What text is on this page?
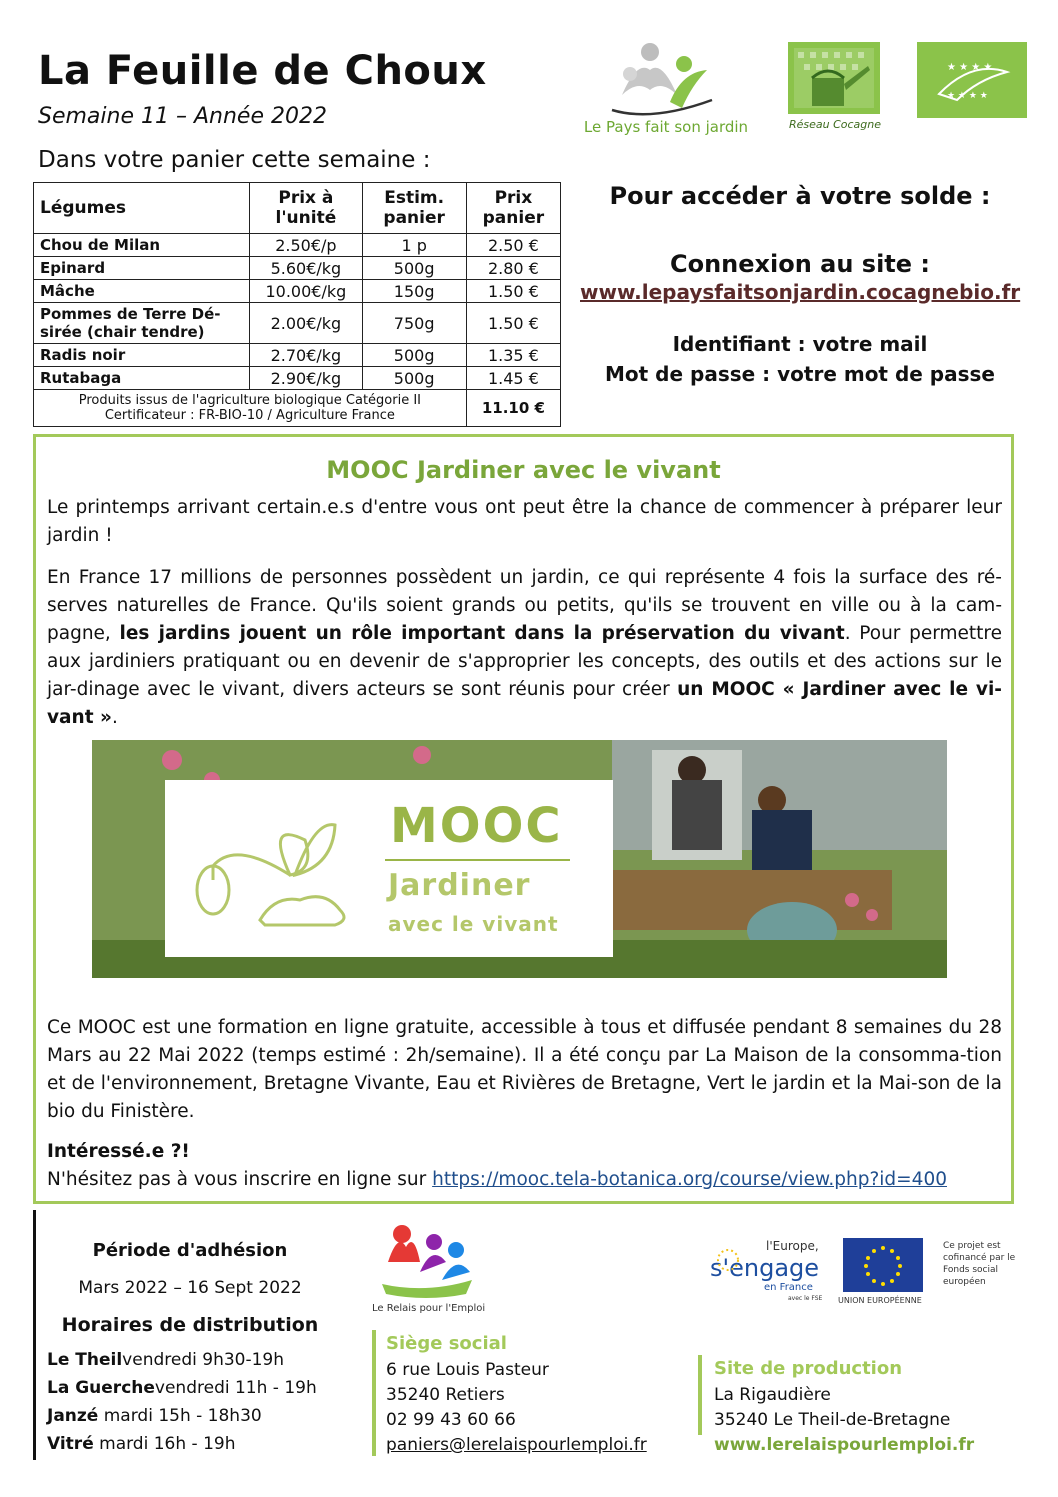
La Feuille de Choux
Semaine 11 – Année 2022
Dans votre panier cette semaine :
Le Pays fait son jardin	Réseau Cocagne
★ ★ ★ ★
★ ★ ★ ★
Légumes	Prix à l'unité	Estim. panier	Prix panier
Chou de Milan	2.50€/p	1 p	2.50 €
Epinard	5.60€/kg	500g	2.80 €
Mâche	10.00€/kg	150g	1.50 €
Pommes de Terre Dé-sirée (chair tendre)	2.00€/kg	750g	1.50 €
Radis noir	2.70€/kg	500g	1.35 €
Rutabaga	2.90€/kg	500g	1.45 €

Produits issus de l'agriculture biologique Catégorie II
Certificateur : FR-BIO-10 / Agriculture France			11.10 €
Pour accéder à votre solde :
Connexion au site :
www.lepaysfaitsonjardin.cocagnebio.fr
Identifiant : votre mail
Mot de passe : votre mot de passe
MOOC Jardiner avec le vivant
Le printemps arrivant certain.e.s d'entre vous ont peut être la chance de commencer à préparer leur jardin !
En France 17 millions de personnes possèdent un jardin, ce qui représente 4 fois la surface des ré-serves naturelles de France. Qu'ils soient grands ou petits, qu'ils se trouvent en ville ou à la cam-pagne, les jardins jouent un rôle important dans la préservation du vivant. Pour permettre aux jardiniers pratiquant ou en devenir de s'approprier les concepts, des outils et des actions sur le jar-dinage avec le vivant, divers acteurs se sont réunis pour créer un MOOC « Jardiner avec le vi-vant ».
MOOC
Jardiner
avec le vivant
Ce MOOC est une formation en ligne gratuite, accessible à tous et diffusée pendant 8 semaines du 28 Mars au 22 Mai 2022 (temps estimé : 2h/semaine). Il a été conçu par La Maison de la consomma-tion et de l'environnement, Bretagne Vivante, Eau et Rivières de Bretagne, Vert le jardin et la Mai-son de la bio du Finistère.
Intéressé.e ?!
N'hésitez pas à vous inscrire en ligne sur https://mooc.tela-botanica.org/course/view.php?id=400
Période d'adhésion
Mars 2022 – 16 Sept 2022
Horaires de distribution
Le Theilvendredi 9h30-19h
La Guerchevendredi 11h - 19h
Janzé mardi 15h - 18h30
Vitré mardi 16h - 19h
Le Relais pour l'Emploi
Siège social
6 rue Louis Pasteur
35240 Retiers
02 99 43 60 66
paniers@lerelaispourlemploi.fr
Site de production
La Rigaudière
35240 Le Theil-de-Bretagne
www.lerelaispourlemploi.fr
s'engage
l'Europe,
en France
avec le FSE UNION EUROPÉENNE
Ce projet est cofinancé par le Fonds social européen
